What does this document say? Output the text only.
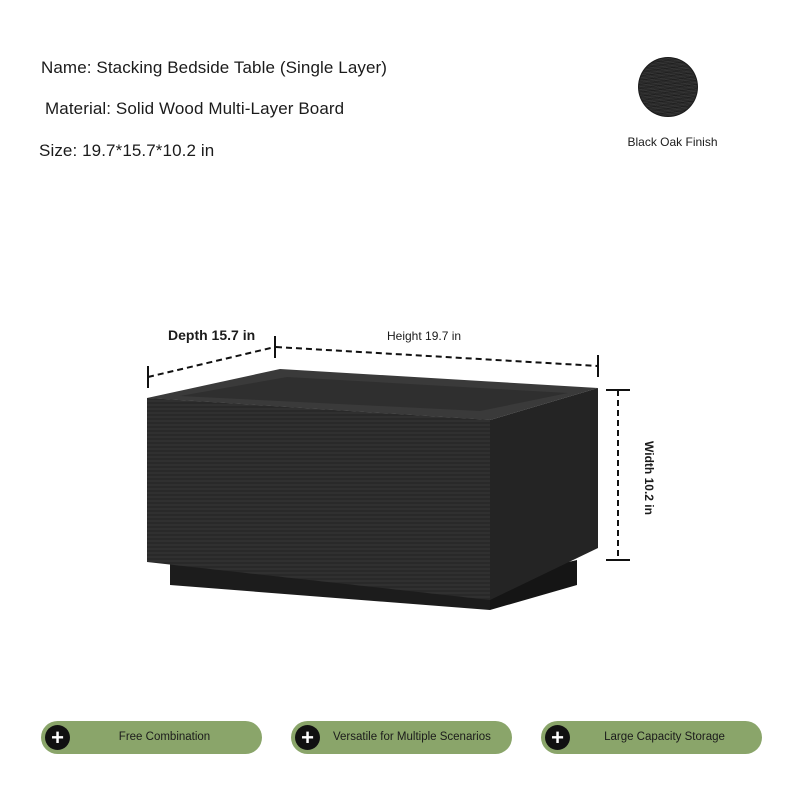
Name: Stacking Bedside Table (Single Layer)
Material: Solid Wood Multi-Layer Board
Size: 19.7*15.7*10.2 in	Black Oak Finish
Depth 15.7 in	Height 19.7 in
Width 10.2 in
+	Free Combination	+	Versatile for Multiple Scenarios	+	Large Capacity Storage
